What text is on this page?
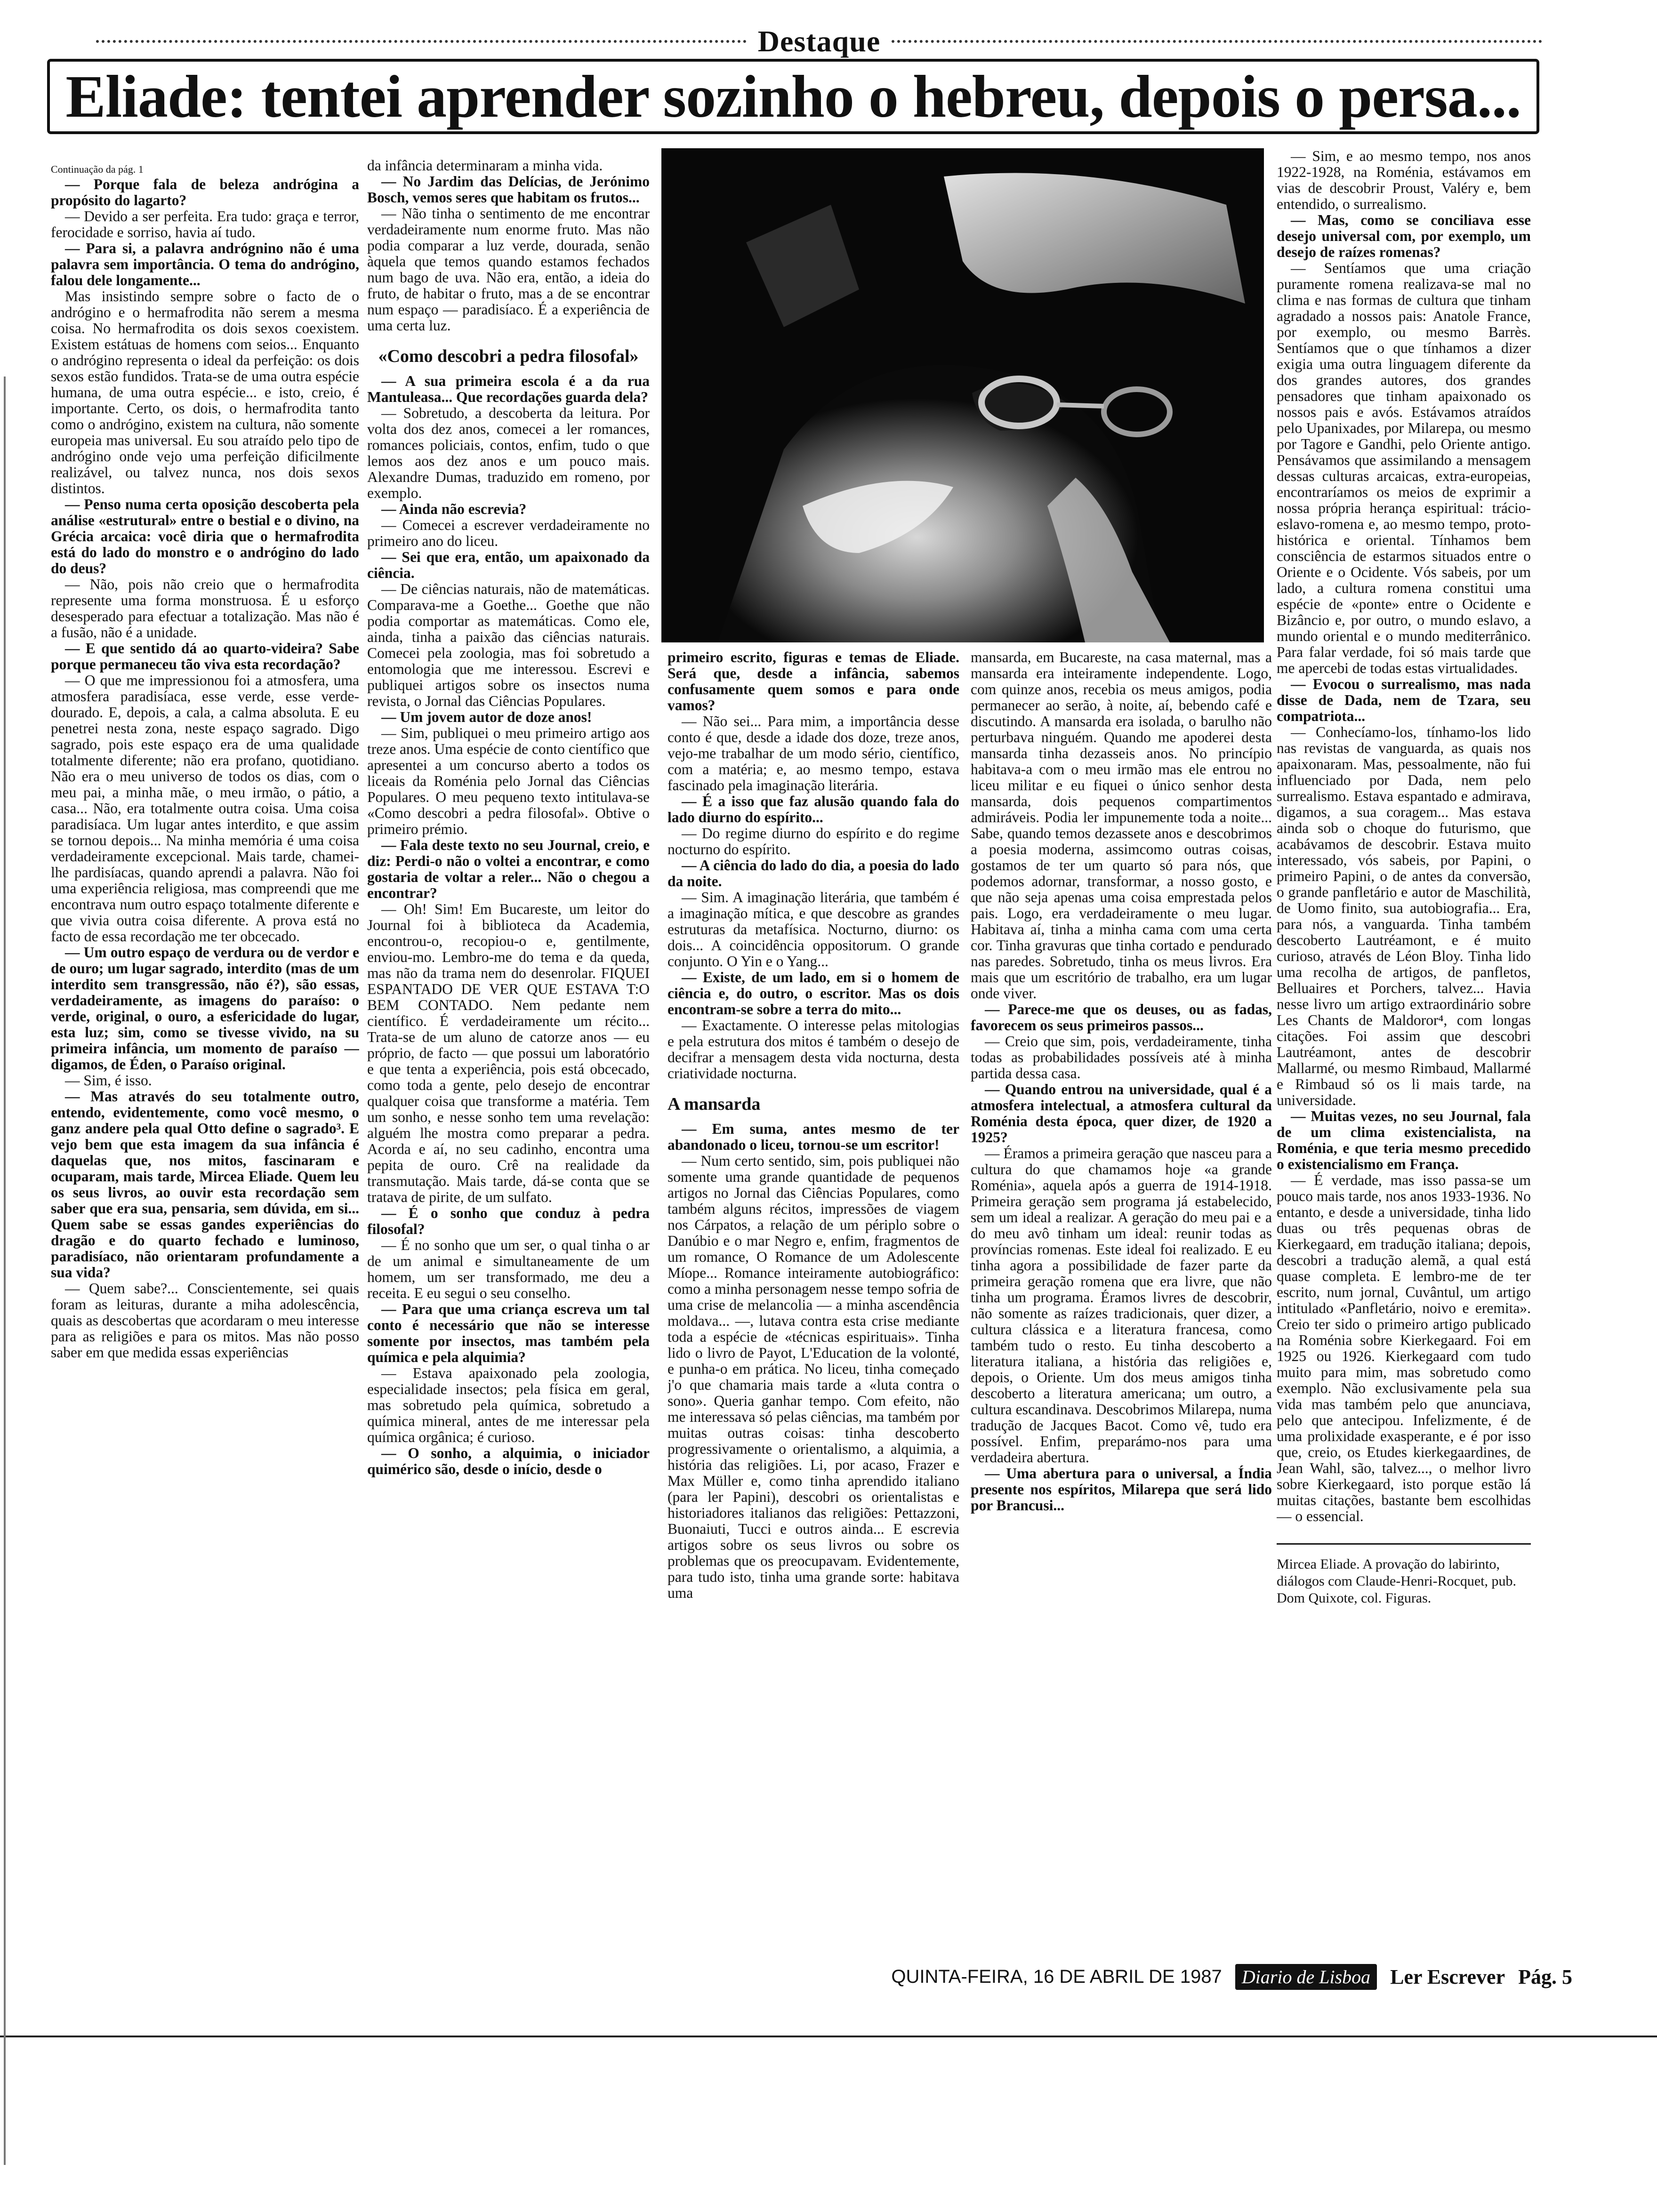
Destaque
Eliade: tentei aprender sozinho o hebreu, depois o persa...

Continuação da pág. 1

— Porque fala de beleza andrógina a propósito do lagarto?

— Devido a ser perfeita. Era tudo: graça e terror, ferocidade e sorriso, havia aí tudo.

— Para si, a palavra andrógnino não é uma palavra sem importância. O tema do andrógino, falou dele longamente...

Mas insistindo sempre sobre o facto de o andrógino e o hermafrodita não serem a mesma coisa. No hermafrodita os dois sexos coexistem. Existem estátuas de homens com seios... Enquanto o andrógino representa o ideal da perfeição: os dois sexos estão fundidos. Trata-se de uma outra espécie humana, de uma outra espécie... e isto, creio, é importante. Certo, os dois, o hermafrodita tanto como o andrógino, existem na cultura, não somente europeia mas universal. Eu sou atraído pelo tipo de andrógino onde vejo uma perfeição dificilmente realizável, ou talvez nunca, nos dois sexos distintos.

— Penso numa certa oposição descoberta pela análise «estrutural» entre o bestial e o divino, na Grécia arcaica: você diria que o hermafrodita está do lado do monstro e o andrógino do lado do deus?

— Não, pois não creio que o hermafrodita represente uma forma monstruosa. É u esforço desesperado para efectuar a totalização. Mas não é a fusão, não é a unidade.

— E que sentido dá ao quarto-videira? Sabe porque permaneceu tão viva esta recordação?

— O que me impressionou foi a atmosfera, uma atmosfera paradisíaca, esse verde, esse verde-dourado. E, depois, a cala, a calma absoluta. E eu penetrei nesta zona, neste espaço sagrado. Digo sagrado, pois este espaço era de uma qualidade totalmente diferente; não era profano, quotidiano. Não era o meu universo de todos os dias, com o meu pai, a minha mãe, o meu irmão, o pátio, a casa... Não, era totalmente outra coisa. Uma coisa paradisíaca. Um lugar antes interdito, e que assim se tornou depois... Na minha memória é uma coisa verdadeiramente excepcional. Mais tarde, chamei-lhe pardisíacas, quando aprendi a palavra. Não foi uma experiência religiosa, mas compreendi que me encontrava num outro espaço totalmente diferente e que vivia outra coisa diferente. A prova está no facto de essa recordação me ter obcecado.

— Um outro espaço de verdura ou de verdor e de ouro; um lugar sagrado, interdito (mas de um interdito sem transgressão, não é?), são essas, verdadeiramente, as imagens do paraíso: o verde, original, o ouro, a esfericidade do lugar, esta luz; sim, como se tivesse vivido, na su primeira infância, um momento de paraíso — digamos, de Éden, o Paraíso original.

— Sim, é isso.

— Mas através do seu totalmente outro, entendo, evidentemente, como você mesmo, o ganz andere pela qual Otto define o sagrado³. E vejo bem que esta imagem da sua infância é daquelas que, nos mitos, fascinaram e ocuparam, mais tarde, Mircea Eliade. Quem leu os seus livros, ao ouvir esta recordação sem saber que era sua, pensaria, sem dúvida, em si... Quem sabe se essas gandes experiências do dragão e do quarto fechado e luminoso, paradisíaco, não orientaram profundamente a sua vida?

— Quem sabe?... Conscientemente, sei quais foram as leituras, durante a miha adolescência, quais as descobertas que acordaram o meu interesse para as religiões e para os mitos. Mas não posso saber em que medida essas experiências

da infância determinaram a minha vida.

— No Jardim das Delícias, de Jerónimo Bosch, vemos seres que habitam os frutos...

— Não tinha o sentimento de me encontrar verdadeiramente num enorme fruto. Mas não podia comparar a luz verde, dourada, senão àquela que temos quando estamos fechados num bago de uva. Não era, então, a ideia do fruto, de habitar o fruto, mas a de se encontrar num espaço — paradisíaco. É a experiência de uma certa luz.

«Como descobri a pedra filosofal»

— A sua primeira escola é a da rua Mantuleasa... Que recordações guarda dela?

— Sobretudo, a descoberta da leitura. Por volta dos dez anos, comecei a ler romances, romances policiais, contos, enfim, tudo o que lemos aos dez anos e um pouco mais. Alexandre Dumas, traduzido em romeno, por exemplo.

— Ainda não escrevia?

— Comecei a escrever verdadeiramente no primeiro ano do liceu.

— Sei que era, então, um apaixonado da ciência.

— De ciências naturais, não de matemáticas. Comparava-me a Goethe... Goethe que não podia comportar as matemáticas. Como ele, ainda, tinha a paixão das ciências naturais. Comecei pela zoologia, mas foi sobretudo a entomologia que me interessou. Escrevi e publiquei artigos sobre os insectos numa revista, o Jornal das Ciências Populares.

— Um jovem autor de doze anos!

— Sim, publiquei o meu primeiro artigo aos treze anos. Uma espécie de conto científico que apresentei a um concurso aberto a todos os liceais da Roménia pelo Jornal das Ciências Populares. O meu pequeno texto intitulava-se «Como descobri a pedra filosofal». Obtive o primeiro prémio.

— Fala deste texto no seu Journal, creio, e diz: Perdi-o não o voltei a encontrar, e como gostaria de voltar a reler... Não o chegou a encontrar?

— Oh! Sim! Em Bucareste, um leitor do Journal foi à biblioteca da Academia, encontrou-o, recopiou-o e, gentilmente, enviou-mo. Lembro-me do tema e da queda, mas não da trama nem do desenrolar. FIQUEI ESPANTADO DE VER QUE ESTAVA T:O BEM CONTADO. Nem pedante nem científico. É verdadeiramente um récito... Trata-se de um aluno de catorze anos — eu próprio, de facto — que possui um laboratório e que tenta a experiência, pois está obcecado, como toda a gente, pelo desejo de encontrar qualquer coisa que transforme a matéria. Tem um sonho, e nesse sonho tem uma revelação: alguém lhe mostra como preparar a pedra. Acorda e aí, no seu cadinho, encontra uma pepita de ouro. Crê na realidade da transmutação. Mais tarde, dá-se conta que se tratava de pirite, de um sulfato.

— É o sonho que conduz à pedra filosofal?

— É no sonho que um ser, o qual tinha o ar de um animal e simultaneamente de um homem, um ser transformado, me deu a receita. E eu segui o seu conselho.

— Para que uma criança escreva um tal conto é necessário que não se interesse somente por insectos, mas também pela química e pela alquimia?

— Estava apaixonado pela zoologia, especialidade insectos; pela física em geral, mas sobretudo pela química, sobretudo a química mineral, antes de me interessar pela química orgânica; é curioso.

— O sonho, a alquimia, o iniciador quimérico são, desde o início, desde o

primeiro escrito, figuras e temas de Eliade. Será que, desde a infância, sabemos confusamente quem somos e para onde vamos?

— Não sei... Para mim, a importância desse conto é que, desde a idade dos doze, treze anos, vejo-me trabalhar de um modo sério, científico, com a matéria; e, ao mesmo tempo, estava fascinado pela imaginação literária.

— É a isso que faz alusão quando fala do lado diurno do espírito...

— Do regime diurno do espírito e do regime nocturno do espírito.

— A ciência do lado do dia, a poesia do lado da noite.

— Sim. A imaginação literária, que também é a imaginação mítica, e que descobre as grandes estruturas da metafísica. Nocturno, diurno: os dois... A coincidência oppositorum. O grande conjunto. O Yin e o Yang...

— Existe, de um lado, em si o homem de ciência e, do outro, o escritor. Mas os dois encontram-se sobre a terra do mito...

— Exactamente. O interesse pelas mitologias e pela estrutura dos mitos é também o desejo de decifrar a mensagem desta vida nocturna, desta criatividade nocturna.

A mansarda

— Em suma, antes mesmo de ter abandonado o liceu, tornou-se um escritor!

— Num certo sentido, sim, pois publiquei não somente uma grande quantidade de pequenos artigos no Jornal das Ciências Populares, como também alguns récitos, impressões de viagem nos Cárpatos, a relação de um périplo sobre o Danúbio e o mar Negro e, enfim, fragmentos de um romance, O Romance de um Adolescente Míope... Romance inteiramente autobiográfico: como a minha personagem nesse tempo sofria de uma crise de melancolia — a minha ascendência moldava... —, lutava contra esta crise mediante toda a espécie de «técnicas espirituais». Tinha lido o livro de Payot, L'Education de la volonté, e punha-o em prática. No liceu, tinha começado j'o que chamaria mais tarde a «luta contra o sono». Queria ganhar tempo. Com efeito, não me interessava só pelas ciências, ma também por muitas outras coisas: tinha descoberto progressivamente o orientalismo, a alquimia, a história das religiões. Li, por acaso, Frazer e Max Müller e, como tinha aprendido italiano (para ler Papini), descobri os orientalistas e historiadores italianos das religiões: Pettazzoni, Buonaiuti, Tucci e outros ainda... E escrevia artigos sobre os seus livros ou sobre os problemas que os preocupavam. Evidentemente, para tudo isto, tinha uma grande sorte: habitava uma

mansarda, em Bucareste, na casa maternal, mas a mansarda era inteiramente independente. Logo, com quinze anos, recebia os meus amigos, podia permanecer ao serão, à noite, aí, bebendo café e discutindo. A mansarda era isolada, o barulho não perturbava ninguém. Quando me apoderei desta mansarda tinha dezasseis anos. No princípio habitava-a com o meu irmão mas ele entrou no liceu militar e eu fiquei o único senhor desta mansarda, dois pequenos compartimentos admiráveis. Podia ler impunemente toda a noite... Sabe, quando temos dezassete anos e descobrimos a poesia moderna, assimcomo outras coisas, gostamos de ter um quarto só para nós, que podemos adornar, transformar, a nosso gosto, e que não seja apenas uma coisa emprestada pelos pais. Logo, era verdadeiramente o meu lugar. Habitava aí, tinha a minha cama com uma certa cor. Tinha gravuras que tinha cortado e pendurado nas paredes. Sobretudo, tinha os meus livros. Era mais que um escritório de trabalho, era um lugar onde viver.

— Parece-me que os deuses, ou as fadas, favorecem os seus primeiros passos...

— Creio que sim, pois, verdadeiramente, tinha todas as probabilidades possíveis até à minha partida dessa casa.

— Quando entrou na universidade, qual é a atmosfera intelectual, a atmosfera cultural da Roménia desta época, quer dizer, de 1920 a 1925?

— Éramos a primeira geração que nasceu para a cultura do que chamamos hoje «a grande Roménia», aquela após a guerra de 1914-1918. Primeira geração sem programa já estabelecido, sem um ideal a realizar. A geração do meu pai e a do meu avô tinham um ideal: reunir todas as províncias romenas. Este ideal foi realizado. E eu tinha agora a possibilidade de fazer parte da primeira geração romena que era livre, que não tinha um programa. Éramos livres de descobrir, não somente as raízes tradicionais, quer dizer, a cultura clássica e a literatura francesa, como também tudo o resto. Eu tinha descoberto a literatura italiana, a história das religiões e, depois, o Oriente. Um dos meus amigos tinha descoberto a literatura americana; um outro, a cultura escandinava. Descobrimos Milarepa, numa tradução de Jacques Bacot. Como vê, tudo era possível. Enfim, preparámo-nos para uma verdadeira abertura.

— Uma abertura para o universal, a Índia presente nos espíritos, Milarepa que será lido por Brancusi...

— Sim, e ao mesmo tempo, nos anos 1922-1928, na Roménia, estávamos em vias de descobrir Proust, Valéry e, bem entendido, o surrealismo.

— Mas, como se conciliava esse desejo universal com, por exemplo, um desejo de raízes romenas?

— Sentíamos que uma criação puramente romena realizava-se mal no clima e nas formas de cultura que tinham agradado a nossos pais: Anatole France, por exemplo, ou mesmo Barrès. Sentíamos que o que tínhamos a dizer exigia uma outra linguagem diferente da dos grandes autores, dos grandes pensadores que tinham apaixonado os nossos pais e avós. Estávamos atraídos pelo Upanixades, por Milarepa, ou mesmo por Tagore e Gandhi, pelo Oriente antigo. Pensávamos que assimilando a mensagem dessas culturas arcaicas, extra-europeias, encontraríamos os meios de exprimir a nossa própria herança espiritual: trácio-eslavo-romena e, ao mesmo tempo, proto-histórica e oriental. Tínhamos bem consciência de estarmos situados entre o Oriente e o Ocidente. Vós sabeis, por um lado, a cultura romena constitui uma espécie de «ponte» entre o Ocidente e Bizâncio e, por outro, o mundo eslavo, a mundo oriental e o mundo mediterrânico. Para falar verdade, foi só mais tarde que me apercebi de todas estas virtualidades.

— Evocou o surrealismo, mas nada disse de Dada, nem de Tzara, seu compatriota...

— Conhecíamo-los, tínhamo-los lido nas revistas de vanguarda, as quais nos apaixonaram. Mas, pessoalmente, não fui influenciado por Dada, nem pelo surrealismo. Estava espantado e admirava, digamos, a sua coragem... Mas estava ainda sob o choque do futurismo, que acabávamos de descobrir. Estava muito interessado, vós sabeis, por Papini, o primeiro Papini, o de antes da conversão, o grande panfletário e autor de Maschilità, de Uomo finito, sua autobiografia... Era, para nós, a vanguarda. Tinha também descoberto Lautréamont, e é muito curioso, através de Léon Bloy. Tinha lido uma recolha de artigos, de panfletos, Belluaires et Porchers, talvez... Havia nesse livro um artigo extraordinário sobre Les Chants de Maldoror⁴, com longas citações. Foi assim que descobri Lautréamont, antes de descobrir Mallarmé, ou mesmo Rimbaud, Mallarmé e Rimbaud só os li mais tarde, na universidade.

— Muitas vezes, no seu Journal, fala de um clima existencialista, na Roménia, e que teria mesmo precedido o existencialismo em França.

— É verdade, mas isso passa-se um pouco mais tarde, nos anos 1933-1936. No entanto, e desde a universidade, tinha lido duas ou três pequenas obras de Kierkegaard, em tradução italiana; depois, descobri a tradução alemã, a qual está quase completa. E lembro-me de ter escrito, num jornal, Cuvântul, um artigo intitulado «Panfletário, noivo e eremita». Creio ter sido o primeiro artigo publicado na Roménia sobre Kierkegaard. Foi em 1925 ou 1926. Kierkegaard com tudo muito para mim, mas sobretudo como exemplo. Não exclusivamente pela sua vida mas também pelo que anunciava, pelo que antecipou. Infelizmente, é de uma prolixidade exasperante, e é por isso que, creio, os Etudes kierkegaardines, de Jean Wahl, são, talvez..., o melhor livro sobre Kierkegaard, isto porque estão lá muitas citações, bastante bem escolhidas — o essencial.

Mircea Eliade. A provação do labirinto, diálogos com Claude-Henri-Rocquet, pub. Dom Quixote, col. Figuras.

QUINTA-FEIRA, 16 DE ABRIL DE 1987	Diario de Lisboa Ler Escrever Pág. 5
